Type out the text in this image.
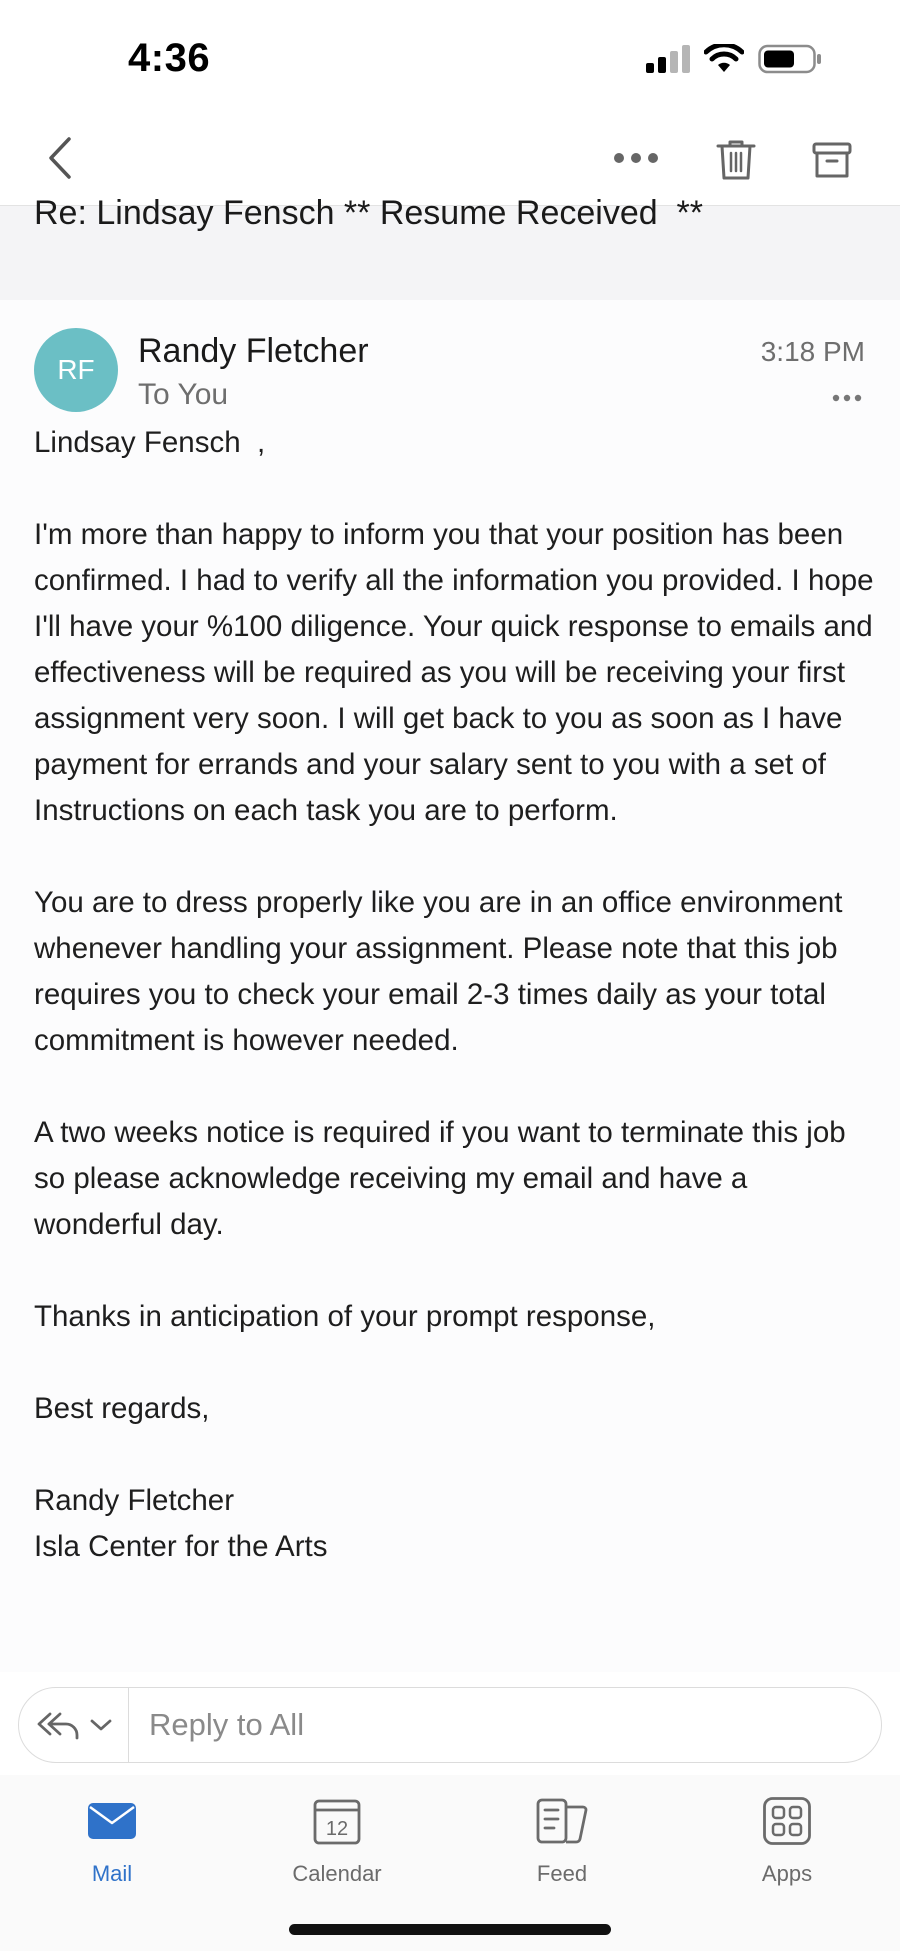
4:36
Re: Lindsay Fensch ** Resume Received  **
RF	Randy Fletcher
To You
3:18 PM

Lindsay Fensch  ,

I'm more than happy to inform you that your position has been confirmed. I had to verify all the information you provided. I hope I'll have your %100 diligence. Your quick response to emails and effectiveness will be required as you will be receiving your first assignment very soon. I will get back to you as soon as I have payment for errands and your salary sent to you with a set of Instructions on each task you are to perform.

You are to dress properly like you are in an office environment whenever handling your assignment. Please note that this job requires you to check your email 2-3 times daily as your total commitment is however needed.

A two weeks notice is required if you want to terminate this job so please acknowledge receiving my email and have a wonderful day.

Thanks in anticipation of your prompt response,

Best regards,

Randy Fletcher

Isla Center for the Arts

Reply to All
Mail
12
Calendar	Feed	Apps
